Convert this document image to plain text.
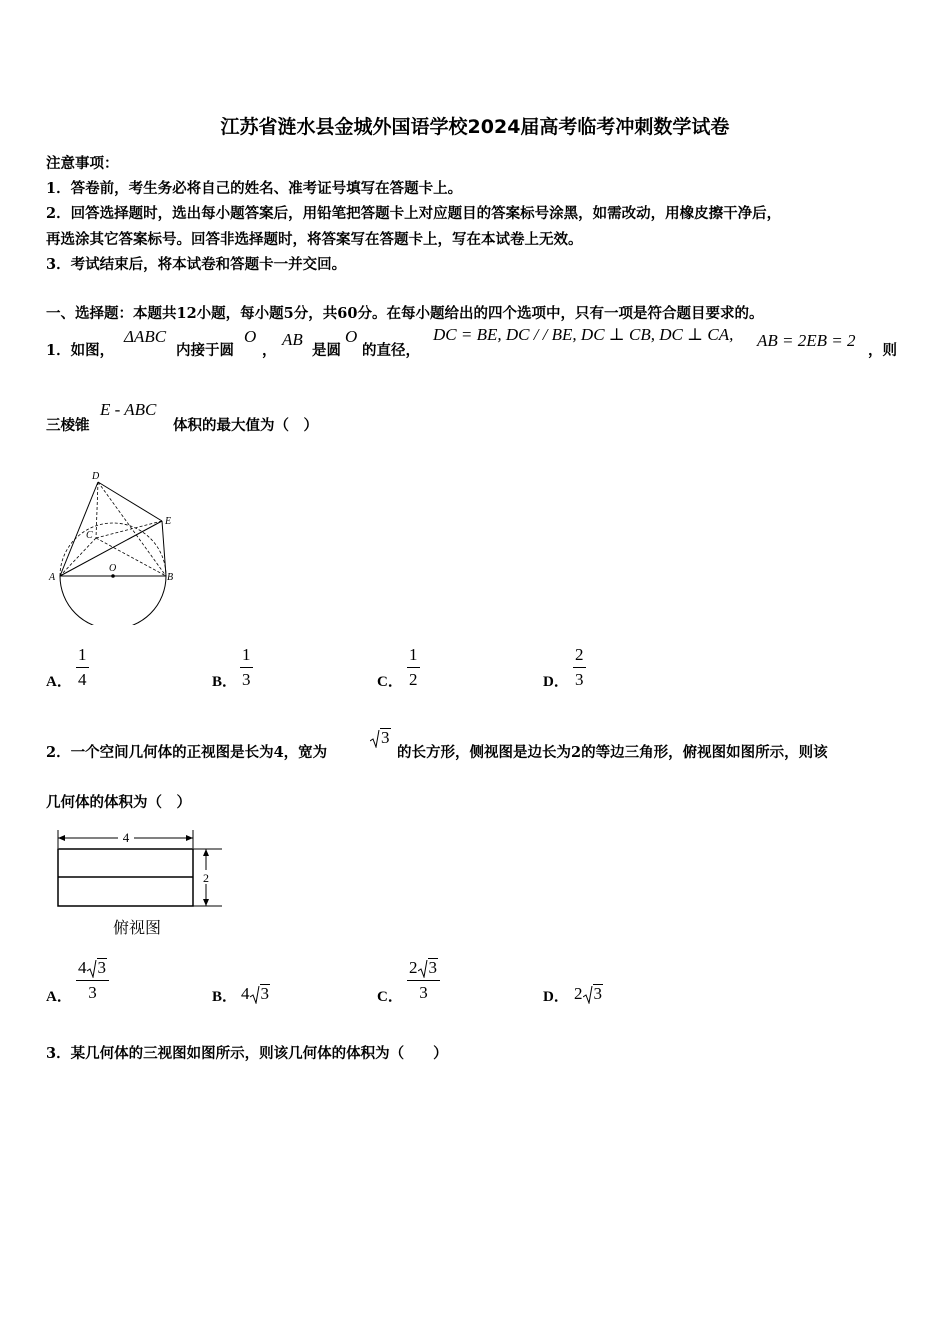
江苏省涟水县金城外国语学校2024届高考临考冲刺数学试卷
注意事项：
1．答卷前，考生务必将自己的姓名、准考证号填写在答题卡上。
2．回答选择题时，选出每小题答案后，用铅笔把答题卡上对应题目的答案标号涂黑，如需改动，用橡皮擦干净后，
再选涂其它答案标号。回答非选择题时，将答案写在答题卡上，写在本试卷上无效。
3．考试结束后，将本试卷和答题卡一并交回。
一、选择题：本题共12小题，每小题5分，共60分。在每小题给出的四个选项中，只有一项是符合题目要求的。
1．如图，
ΔABC
内接于圆
O
，
AB
是圆
O
的直径，
DC = BE, DC / / BE, DC ⊥ CB, DC ⊥ CA, AB = 2EB = 2
，则
三棱锥
E - ABC
体积的最大值为（　）
D
E
C
A
O
B
A．
1
4	B．
1
3	C．
1
2	D．
2
3
2．一个空间几何体的正视图是长为4，宽为
3
的长方形，侧视图是边长为2的等边三角形，俯视图如图所示，则该
几何体的体积为（　）
4
2
俯视图
A．
4 3
3	B． 4 3	C．
2 3
3	D． 2 3
3．某几何体的三视图如图所示，则该几何体的体积为（　　）
